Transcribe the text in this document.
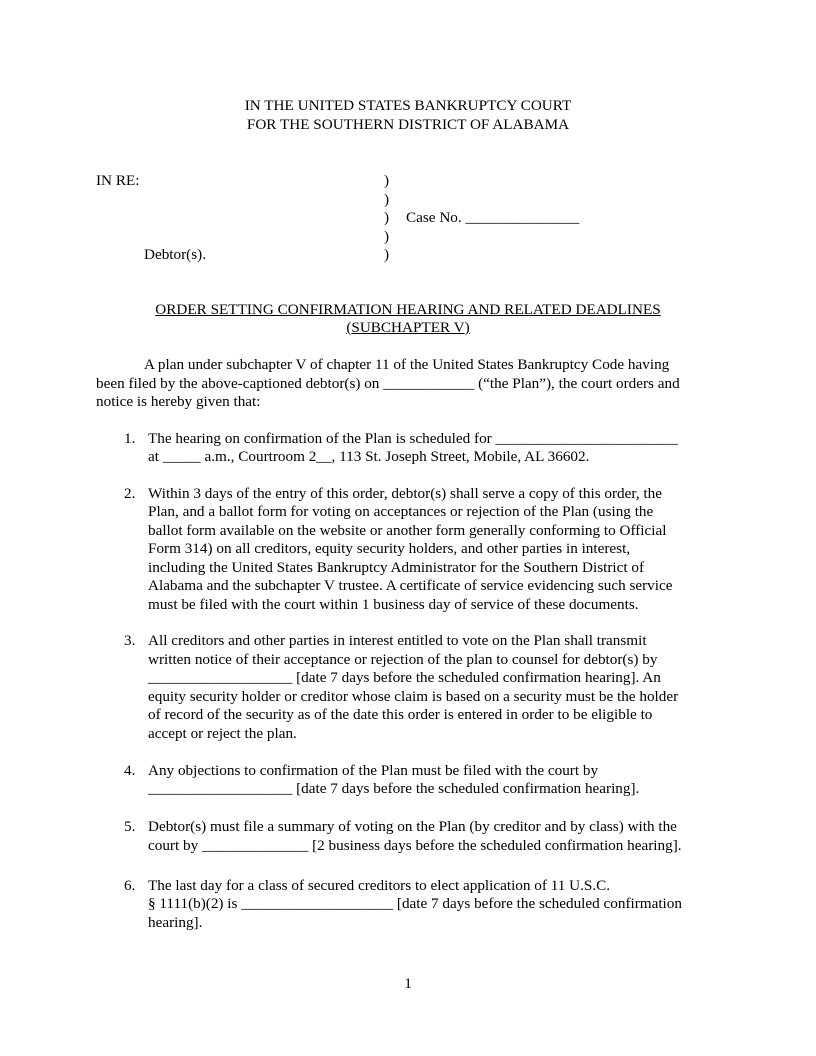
IN THE UNITED STATES BANKRUPTCY COURT
FOR THE SOUTHERN DISTRICT OF ALABAMA
IN RE:	)
)
) Case No. _______________
)
Debtor(s).	)
ORDER SETTING CONFIRMATION HEARING AND RELATED DEADLINES
(SUBCHAPTER V)
A plan under subchapter V of chapter 11 of the United States Bankruptcy Code having
been filed by the above-captioned debtor(s) on ____________ (“the Plan”), the court orders and
notice is hereby given that:
1. The hearing on confirmation of the Plan is scheduled for ________________________
at _____ a.m., Courtroom 2__, 113 St. Joseph Street, Mobile, AL 36602.
2. Within 3 days of the entry of this order, debtor(s) shall serve a copy of this order, the
Plan, and a ballot form for voting on acceptances or rejection of the Plan (using the
ballot form available on the website or another form generally conforming to Official
Form 314) on all creditors, equity security holders, and other parties in interest,
including the United States Bankruptcy Administrator for the Southern District of
Alabama and the subchapter V trustee. A certificate of service evidencing such service
must be filed with the court within 1 business day of service of these documents.
3. All creditors and other parties in interest entitled to vote on the Plan shall transmit
written notice of their acceptance or rejection of the plan to counsel for debtor(s) by
___________________ [date 7 days before the scheduled confirmation hearing]. An
equity security holder or creditor whose claim is based on a security must be the holder
of record of the security as of the date this order is entered in order to be eligible to
accept or reject the plan.
4. Any objections to confirmation of the Plan must be filed with the court by
___________________ [date 7 days before the scheduled confirmation hearing].
5. Debtor(s) must file a summary of voting on the Plan (by creditor and by class) with the
court by ______________ [2 business days before the scheduled confirmation hearing].
6. The last day for a class of secured creditors to elect application of 11 U.S.C.
§ 1111(b)(2) is ____________________ [date 7 days before the scheduled confirmation
hearing].
1
